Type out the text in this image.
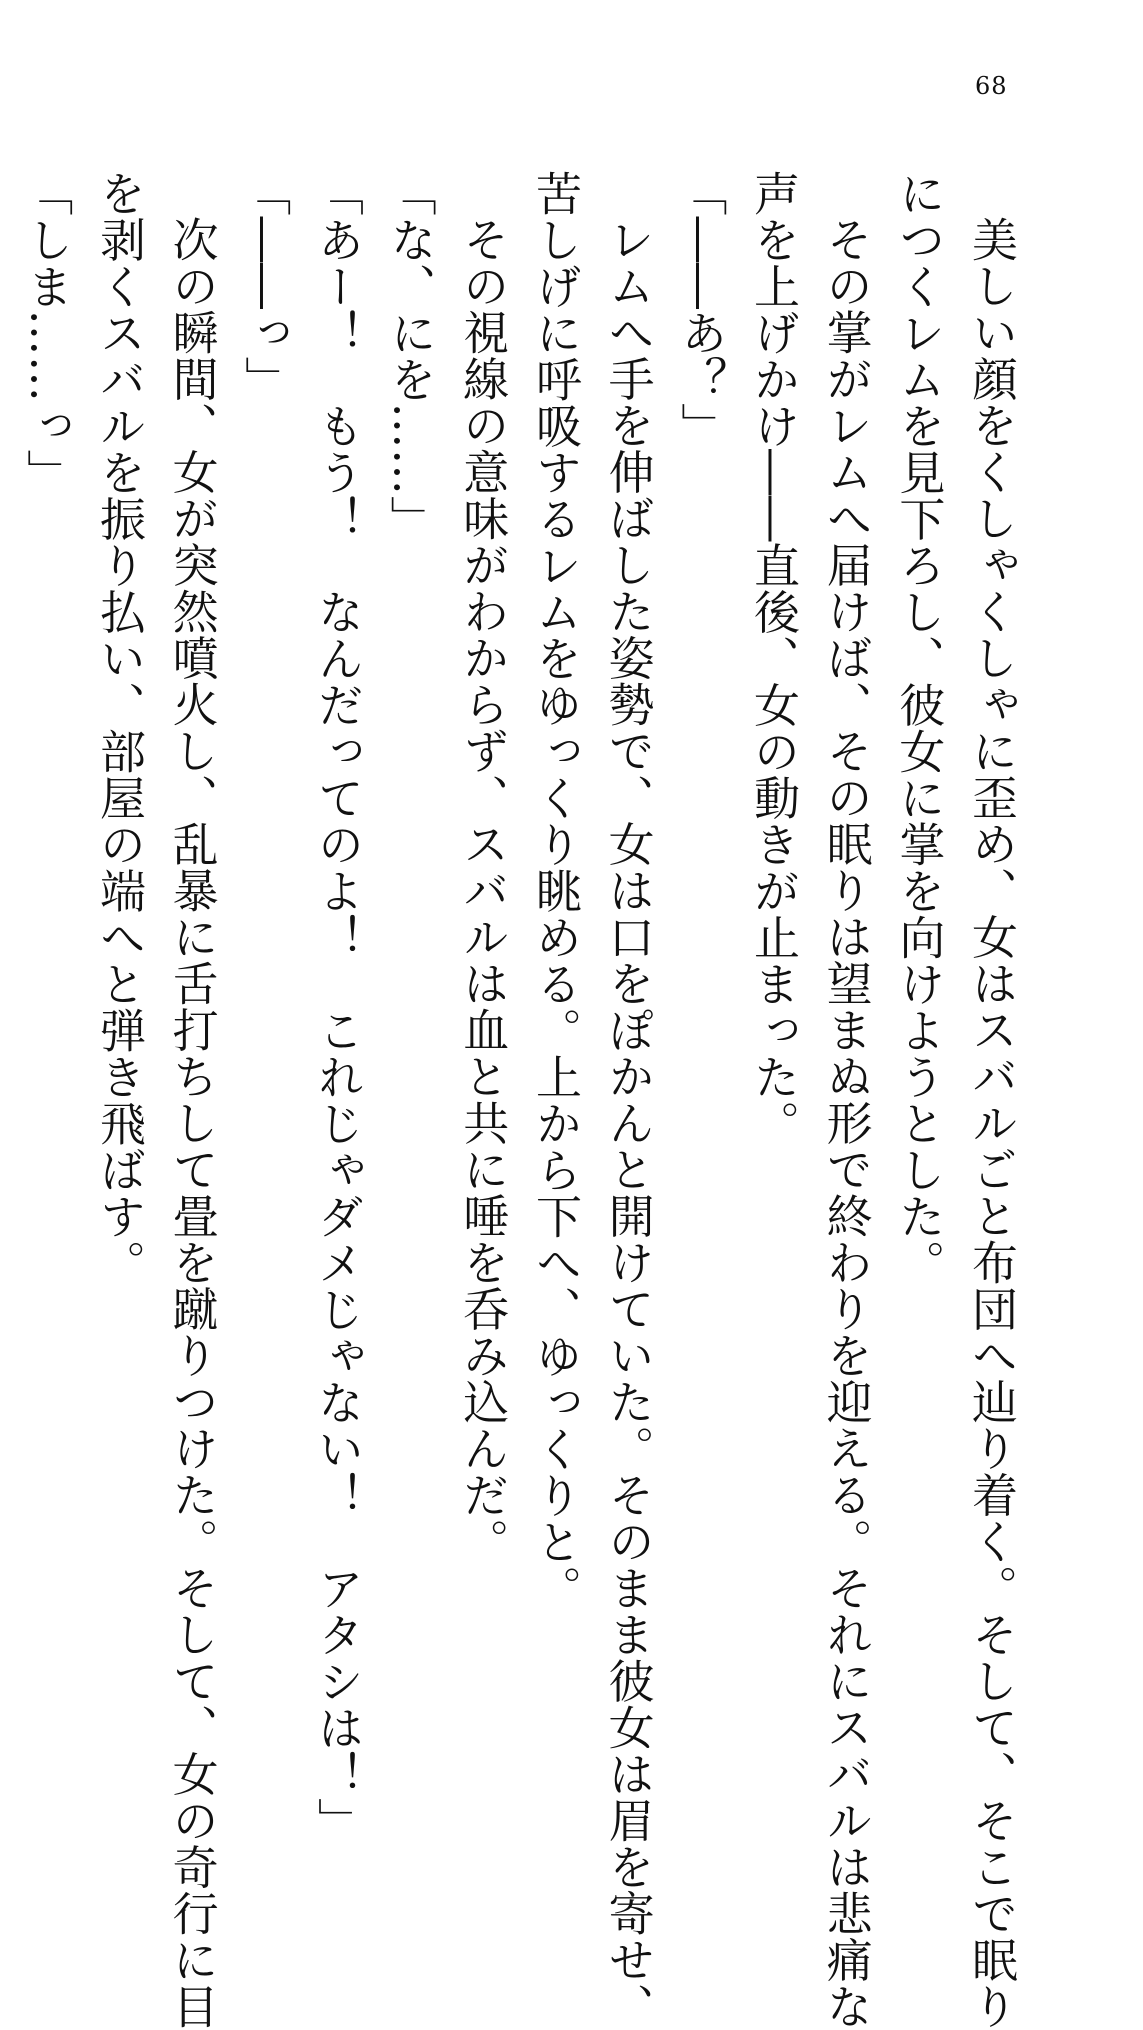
68
美しい顔をくしゃくしゃに歪め、女はスバルごと布団へ辿り着く。そして、そこで眠り
につくレムを見下ろし、彼女に掌を向けようとした。
その掌がレムへ届けば、その眠りは望まぬ形で終わりを迎える。それにスバルは悲痛な
声を上げかけ――直後、女の動きが止まった。
「――あ？」
レムへ手を伸ばした姿勢で、女は口をぽかんと開けていた。そのまま彼女は眉を寄せ、
苦しげに呼吸するレムをゆっくり眺める。上から下へ、ゆっくりと。
その視線の意味がわからず、スバルは血と共に唾を呑み込んだ。
「な、にを……」
「あー！　もう！　なんだってのよ！　これじゃダメじゃない！　アタシは！」
「――っ」
次の瞬間、女が突然噴火し、乱暴に舌打ちして畳を蹴りつけた。そして、女の奇行に目
を剥くスバルを振り払い、部屋の端へと弾き飛ばす。
「しま……っ」
